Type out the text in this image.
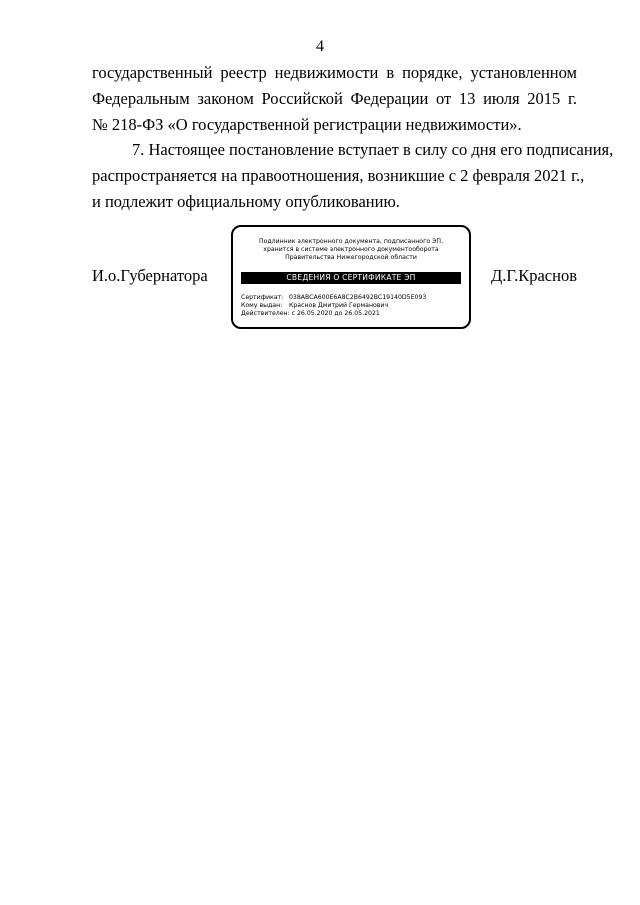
4

государственный реестр недвижимости в порядке, установленном
Федеральным законом Российской Федерации от 13 июля 2015 г.
№ 218-ФЗ «О государственной регистрации недвижимости».

7. Настоящее постановление вступает в силу со дня его подписания,
распространяется на правоотношения, возникшие с 2 февраля 2021 г.,
и подлежит официальному опубликованию.

И.о.Губернатора
Подлинник электронного документа, подписанного ЭП,
хранится в системе электронного документооборота
Правительства Нижегородской области
СВЕДЕНИЯ О СЕРТИФИКАТЕ ЭП
Сертификат: 038ABCA600E6A8C2B6492BC19140D5E093
Кому выдан: Краснов Дмитрий Германович
Действителен: с 26.05.2020 до 26.05.2021
Д.Г.Краснов
